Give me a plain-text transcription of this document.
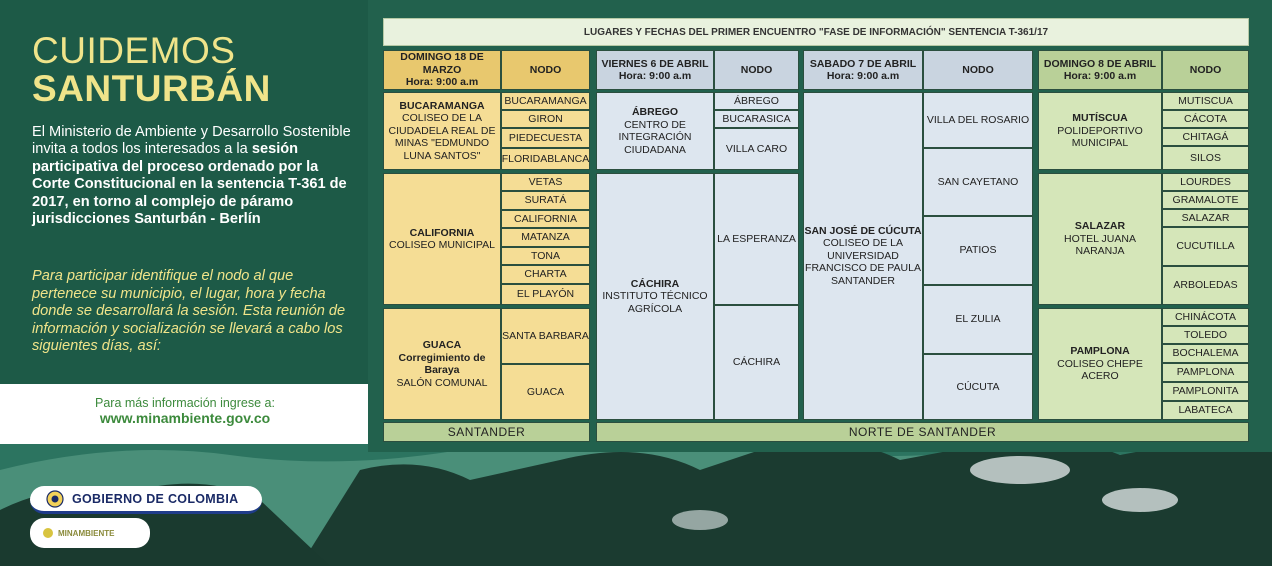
CUIDEMOS
SANTURBÁN
El Ministerio de Ambiente y Desarrollo Sostenible invita a todos los interesados a la sesión participativa del proceso ordenado por la Corte Constitucional en la sentencia T-361 de 2017, en torno al complejo de páramo jurisdicciones Santurbán - Berlín
Para participar identifique el nodo al que pertenece su municipio, el lugar, hora y fecha donde se desarrollará la sesión. Esta reunión de información y socialización se llevará a cabo los siguientes días, así:
Para más información ingrese a:
www.minambiente.gov.co
GOBIERNO DE COLOMBIA
MINAMBIENTE
LUGARES Y FECHAS DEL PRIMER ENCUENTRO "FASE DE INFORMACIÓN" SENTENCIA T-361/17
DOMINGO 18 DE MARZO
Hora: 9:00 a.m
NODO
BUCARAMANGA
COLISEO DE LA CIUDADELA REAL DE MINAS "EDMUNDO LUNA SANTOS"
BUCARAMANGA
GIRON
PIEDECUESTA
FLORIDABLANCA
CALIFORNIA
COLISEO MUNICIPAL
VETAS
SURATÁ
CALIFORNIA
MATANZA
TONA
CHARTA
EL PLAYÓN
GUACA
Corregimiento de Baraya
SALÓN COMUNAL
SANTA BARBARA
GUACA
VIERNES 6 DE ABRIL
Hora: 9:00 a.m
NODO
ÁBREGO
CENTRO DE INTEGRACIÓN CIUDADANA
ÁBREGO
BUCARASICA
VILLA CARO
CÁCHIRA
INSTITUTO TÉCNICO AGRÍCOLA
LA ESPERANZA
CÁCHIRA
SABADO 7 DE ABRIL
Hora: 9:00 a.m
NODO
SAN JOSÉ DE CÚCUTA
COLISEO DE LA UNIVERSIDAD FRANCISCO DE PAULA SANTANDER
VILLA DEL ROSARIO
SAN CAYETANO
PATIOS
EL ZULIA
CÚCUTA
DOMINGO 8 DE ABRIL
Hora: 9:00 a.m
NODO
MUTÍSCUA
POLIDEPORTIVO MUNICIPAL
MUTISCUA
CÁCOTA
CHITAGÁ
SILOS
SALAZAR
HOTEL JUANA NARANJA
LOURDES
GRAMALOTE
SALAZAR
CUCUTILLA
ARBOLEDAS
PAMPLONA
COLISEO CHEPE ACERO
CHINÁCOTA
TOLEDO
BOCHALEMA
PAMPLONA
PAMPLONITA
LABATECA
SANTANDER	NORTE DE SANTANDER
